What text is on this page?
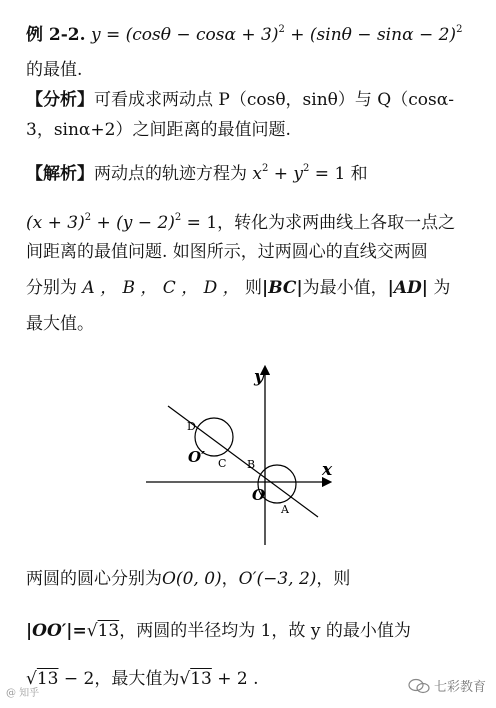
例 2-2. $y = (\cos\theta - \cos\alpha + 3)^2 + (\sin\theta - \sin\alpha - 2)^2$
的最值.
【分析】可看成求两动点 P（cosθ，sinθ）与 Q（cosα-
3，sinα+2）之间距离的最值问题.
【解析】两动点的轨迹方程为 $x^2 + y^2 = 1$ 和
$(x + 3)^2 + (y - 2)^2 = 1$，转化为求两曲线上各取一点之
间距离的最值问题. 如图所示，过两圆心的直线交两圆
分别为 A ， B ， C ， D ， 则|BC|为最小值，|AD| 为
最大值。
y
x
O
O′
A
B
C
D
两圆的圆心分别为O(0, 0)，O′(−3, 2)，则
|OO′|=√13，两圆的半径均为 1，故 y 的最小值为
√13 − 2，最大值为√13 + 2 .
@ 知乎	七彩教育
